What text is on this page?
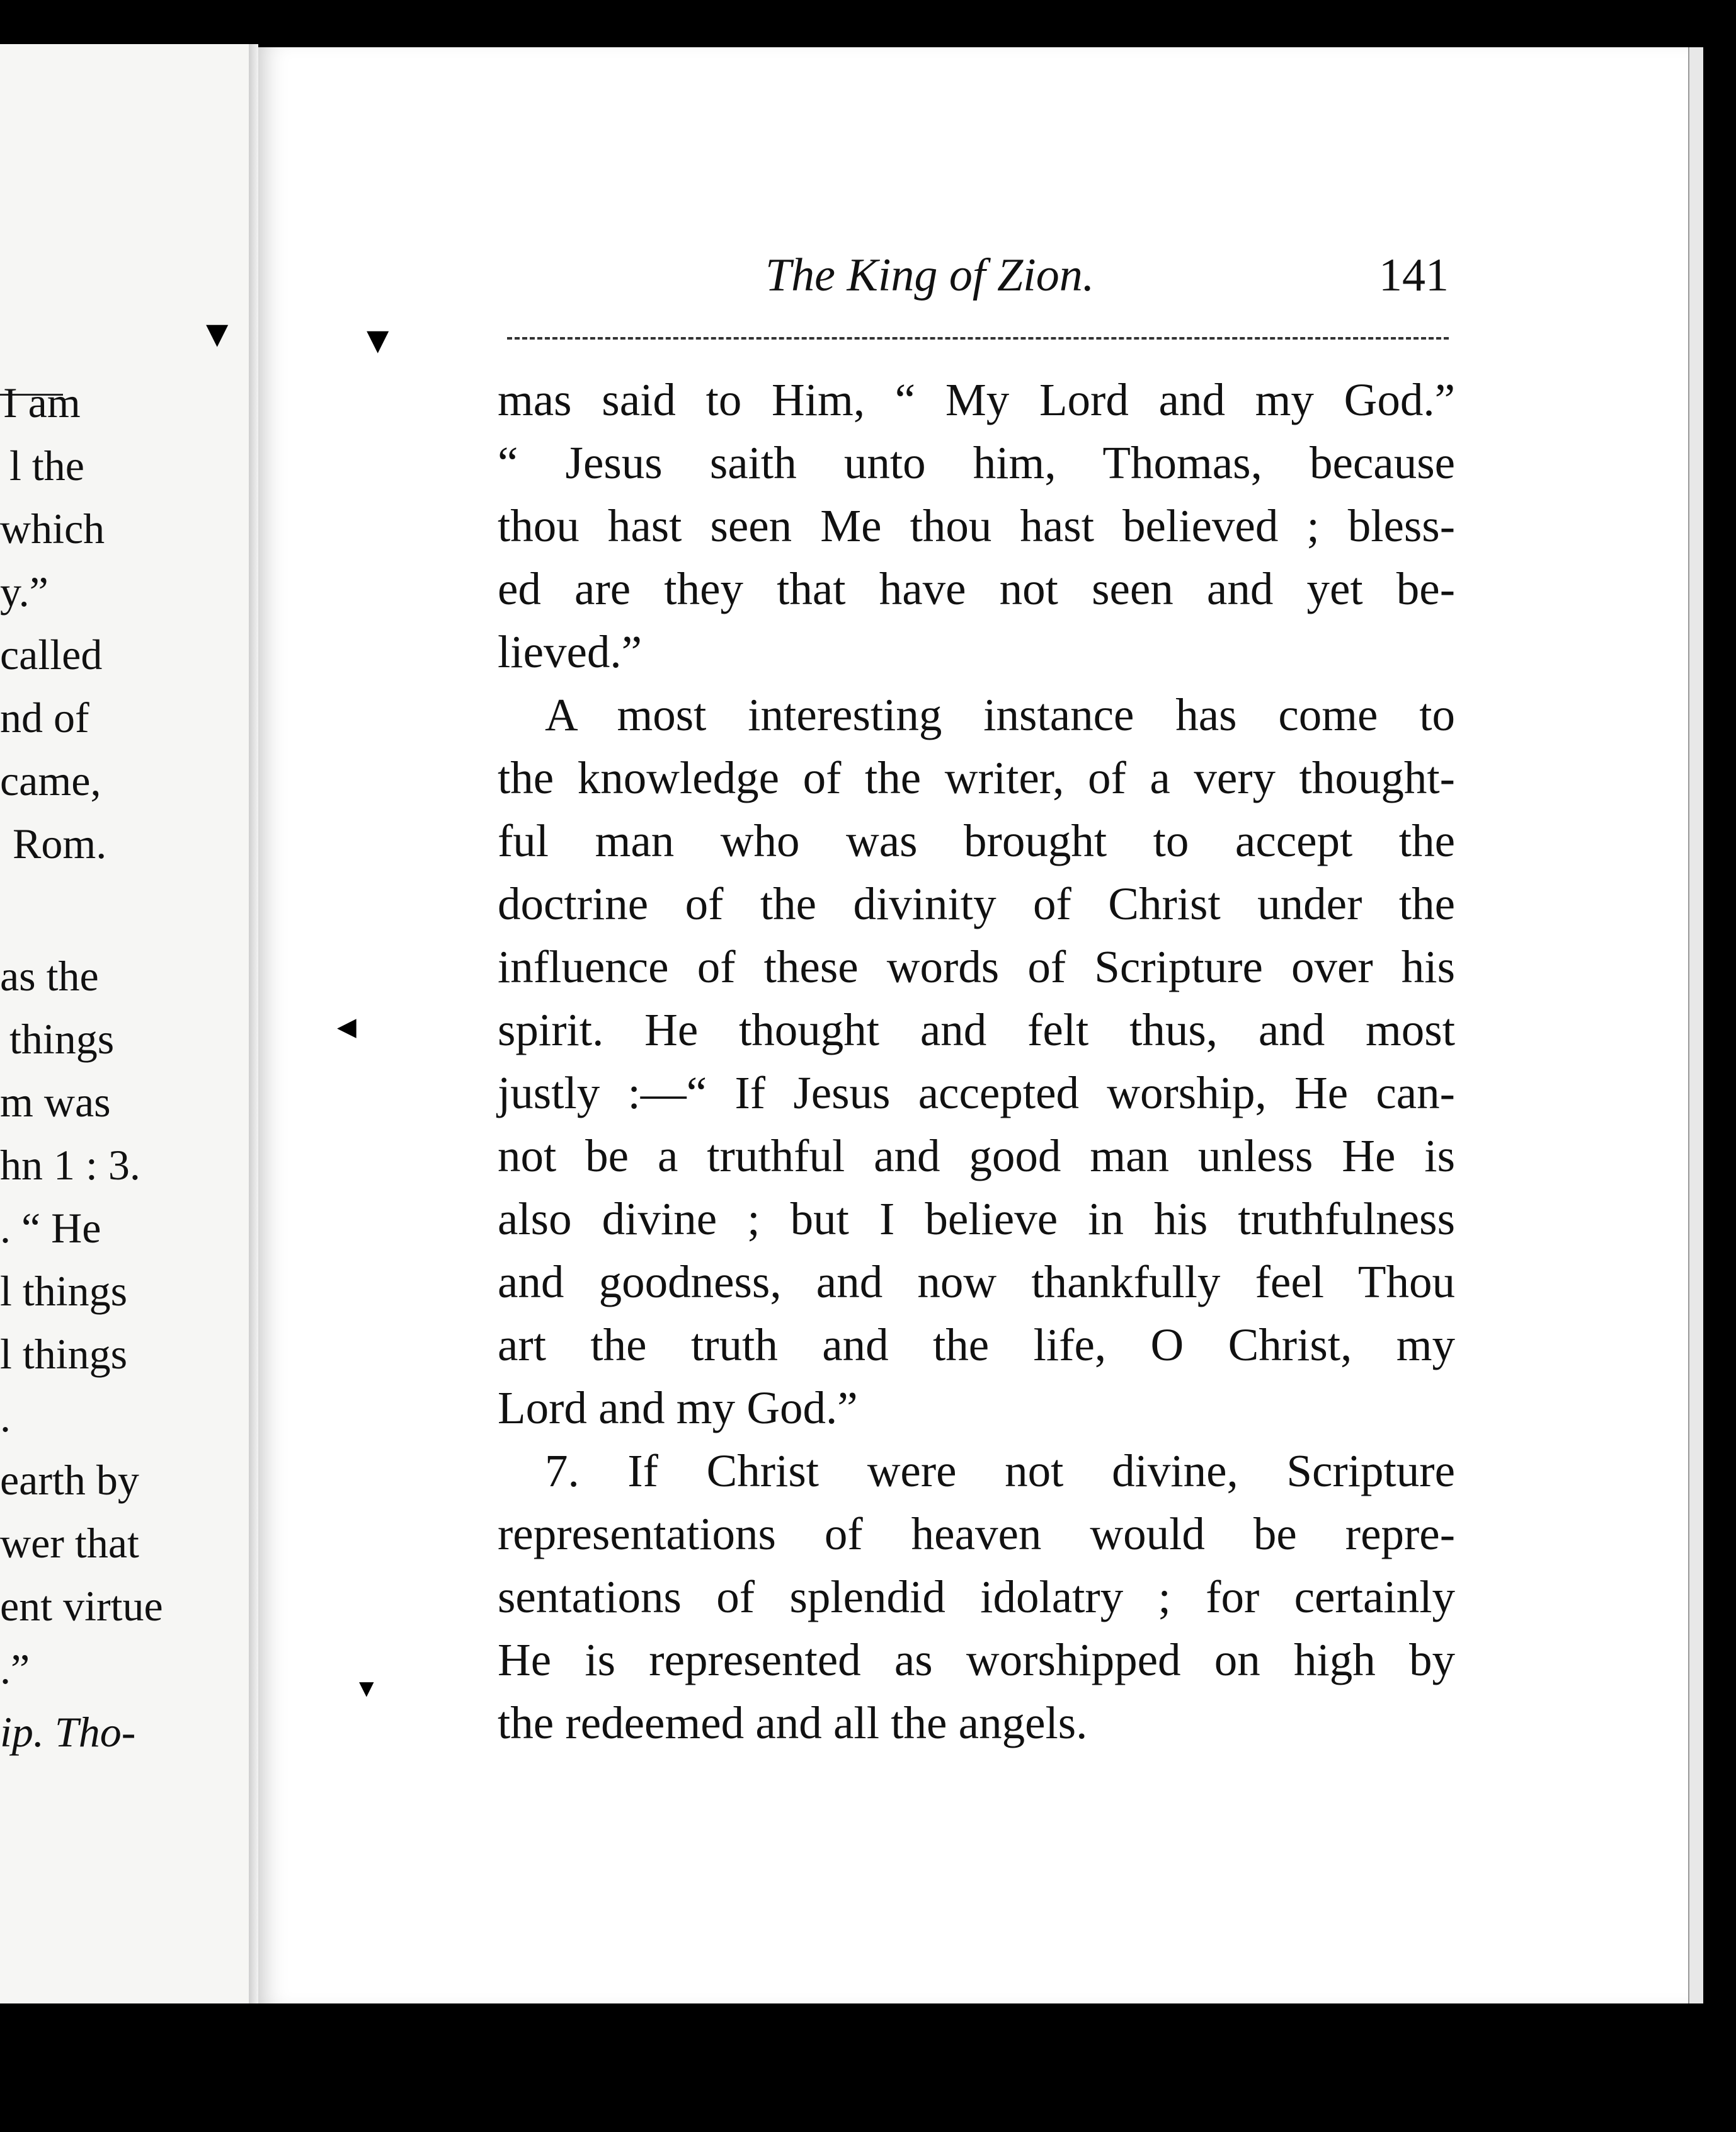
I am
l the
which
y.”
called
nd of
came,
Rom.
as the
things
m was
hn 1 : 3.
. “ He
l things
l things
.
earth by
wer that
ent virtue
.”
ip. Tho-
▼	▼
◀
▼
The King of Zion.	141
mas said to Him, “ My Lord and my God.”
“ Jesus saith unto him, Thomas, because
thou hast seen Me thou hast believed ; bless-
ed are they that have not seen and yet be-
lieved.”
A most interesting instance has come to
the knowledge of the writer, of a very thought-
ful man who was brought to accept the
doctrine of the divinity of Christ under the
influence of these words of Scripture over his
spirit. He thought and felt thus, and most
justly :—“ If Jesus accepted worship, He can-
not be a truthful and good man unless He is
also divine ; but I believe in his truthfulness
and goodness, and now thankfully feel Thou
art the truth and the life, O Christ, my
Lord and my God.”
7. If Christ were not divine, Scripture
representations of heaven would be repre-
sentations of splendid idolatry ; for certainly
He is represented as worshipped on high by
the redeemed and all the angels.
